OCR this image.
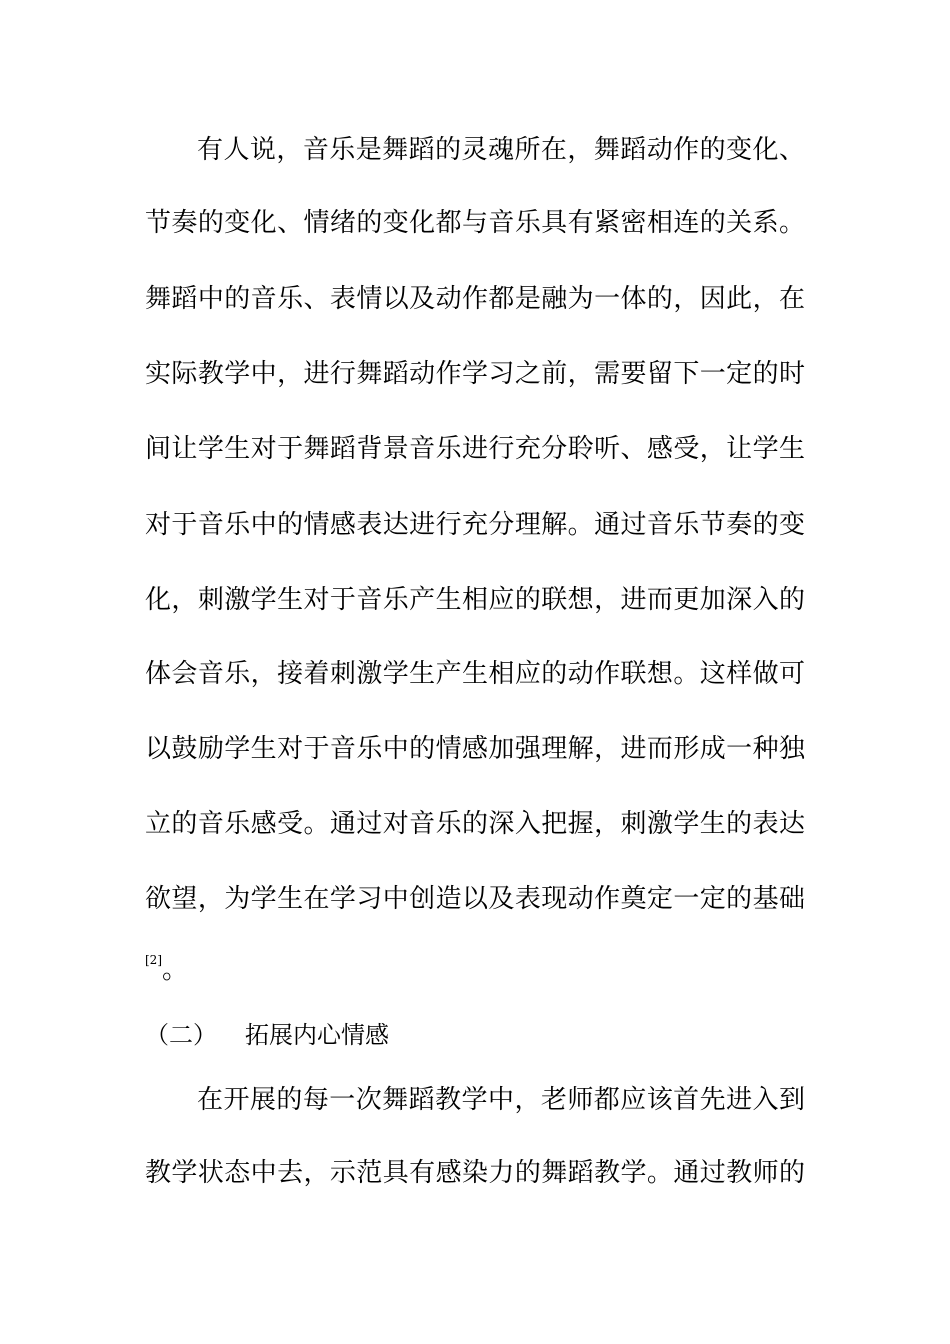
有人说，音乐是舞蹈的灵魂所在，舞蹈动作的变化、
节奏的变化、情绪的变化都与音乐具有紧密相连的关系。
舞蹈中的音乐、表情以及动作都是融为一体的，因此，在
实际教学中，进行舞蹈动作学习之前，需要留下一定的时
间让学生对于舞蹈背景音乐进行充分聆听、感受，让学生
对于音乐中的情感表达进行充分理解。通过音乐节奏的变
化，刺激学生对于音乐产生相应的联想，进而更加深入的
体会音乐，接着刺激学生产生相应的动作联想。这样做可
以鼓励学生对于音乐中的情感加强理解，进而形成一种独
立的音乐感受。通过对音乐的深入把握，刺激学生的表达
欲望，为学生在学习中创造以及表现动作奠定一定的基础
[2]。
（二） 拓展内心情感
在开展的每一次舞蹈教学中，老师都应该首先进入到
教学状态中去，示范具有感染力的舞蹈教学。通过教师的
